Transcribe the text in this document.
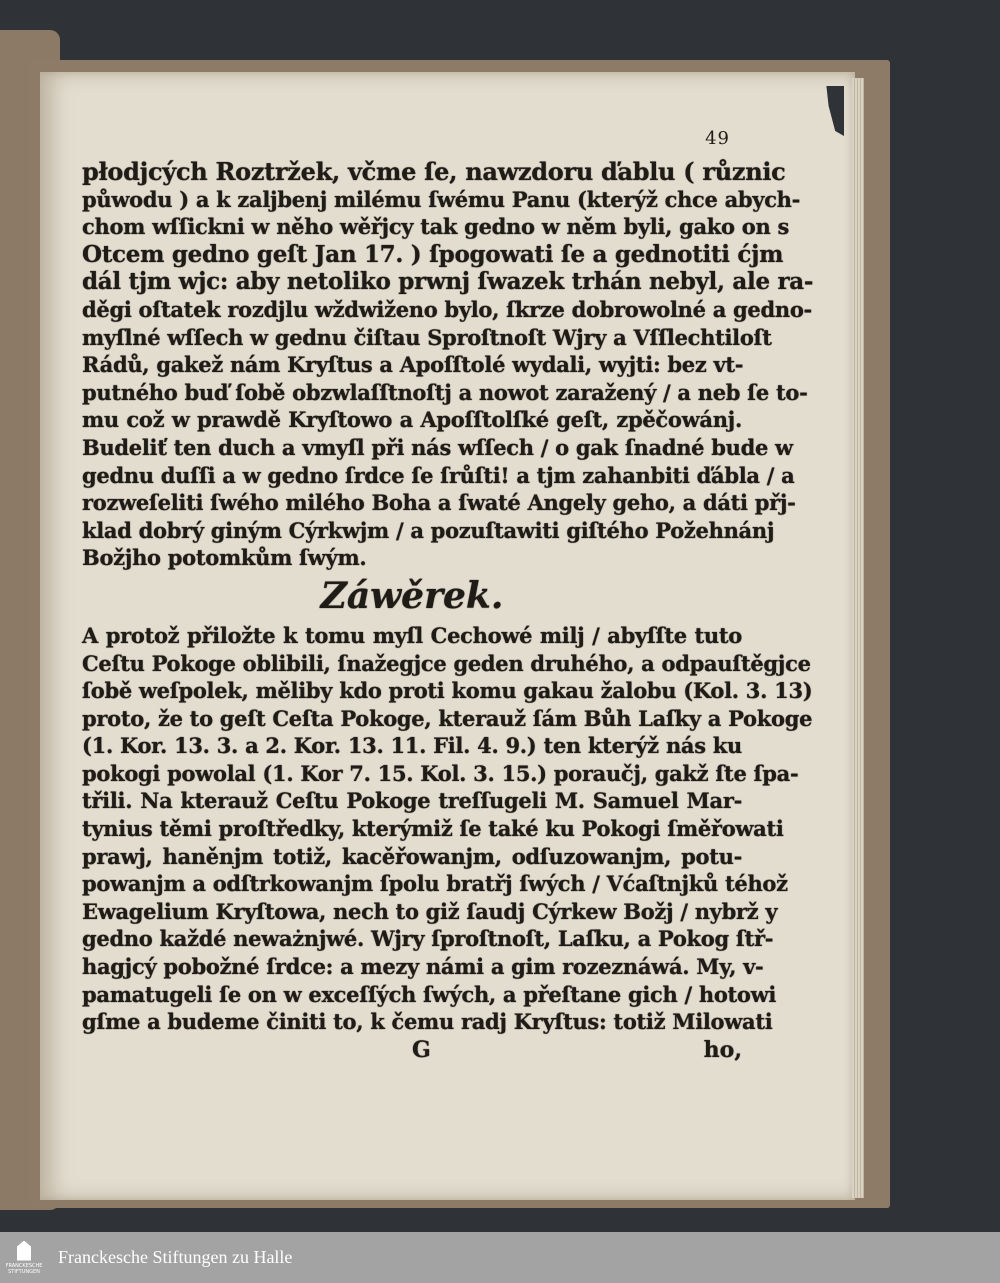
49
płodjcých Roztržek, včme ſe, nawzdoru ďablu ( různic
půwodu ) a k zaljbenj milému ſwému Panu (kterýž chce abych-
chom wſſickni w něho wěřjcy tak gedno w něm byli, gako on s
Otcem gedno geſt Jan 17. ) ſpogowati ſe a gednotiti ćjm
dál tjm wjc: aby netoliko prwnj ſwazek trhán nebyl, ale ra-
děgi oſtatek rozdjlu wždwiženo bylo, ſkrze dobrowolné a gedno-
myſlné wſſech w gednu čiſtau Sproſtnoſt Wjry a Vſſlechtiloſt
Rádů, gakež nám Kryſtus a Apoſſtolé wydali, wyjti: bez vt-
putného buď ſobě obzwlaſſtnoſtj a nowot zaražený / a neb ſe to-
mu což w prawdě Kryſtowo a Apoſſtolſké geſt, zpěčowánj.
Budeliť ten duch a vmyſl při nás wſſech / o gak ſnadné bude w
gednu duſſi a w gedno ſrdce ſe ſrůſti! a tjm zahanbiti ďábla / a
rozweſeliti ſwého milého Boha a ſwaté Angely geho, a dáti přj-
klad dobrý giným Cýrkwjm / a pozuſtawiti giſtého Požehnánj
Božjho potomkům ſwým.
Záwěrek.
A protož přiložte k tomu myſl Cechowé milj / abyſſte tuto
Ceſtu Pokoge oblibili, ſnažegjce geden druhého, a odpauſtěgjce
ſobě weſpolek, měliby kdo proti komu gakau žalobu (Kol. 3. 13)
proto, že to geſt Ceſta Pokoge, kterauž ſám Bůh Laſky a Pokoge
(1. Kor. 13. 3. a 2. Kor. 13. 11. Fil. 4. 9.) ten kterýž nás ku
pokogi powolal (1. Kor 7. 15. Kol. 3. 15.) poraučj, gakž ſte ſpa-
třili. Na kterauž Ceſtu Pokoge treſſugeli M. Samuel Mar-
tynius těmi proſtředky, kterýmiž ſe také ku Pokogi ſměřowati
prawj, haněnjm totiž, kacěřowanjm, odſuzowanjm, potu-
powanjm a odſtrkowanjm ſpolu bratřj ſwých / Vćaſtnjků téhož
Ewagelium Kryſtowa, nech to giž ſaudj Cýrkew Božj / nybrž y
gedno každé neważnjwé. Wjry ſproſtnoſt, Laſku, a Pokog ſtř-
hagjcý pobožné ſrdce: a mezy námi a gim rozeznáwá. My, v-
pamatugeli ſe on w exceſſých ſwých, a přeſtane gich / hotowi
gſme a budeme činiti to, k čemu radj Kryſtus: totiž Milowati
G	ho,
FRANCKESCHE
STIFTUNGEN
Franckesche Stiftungen zu Halle
